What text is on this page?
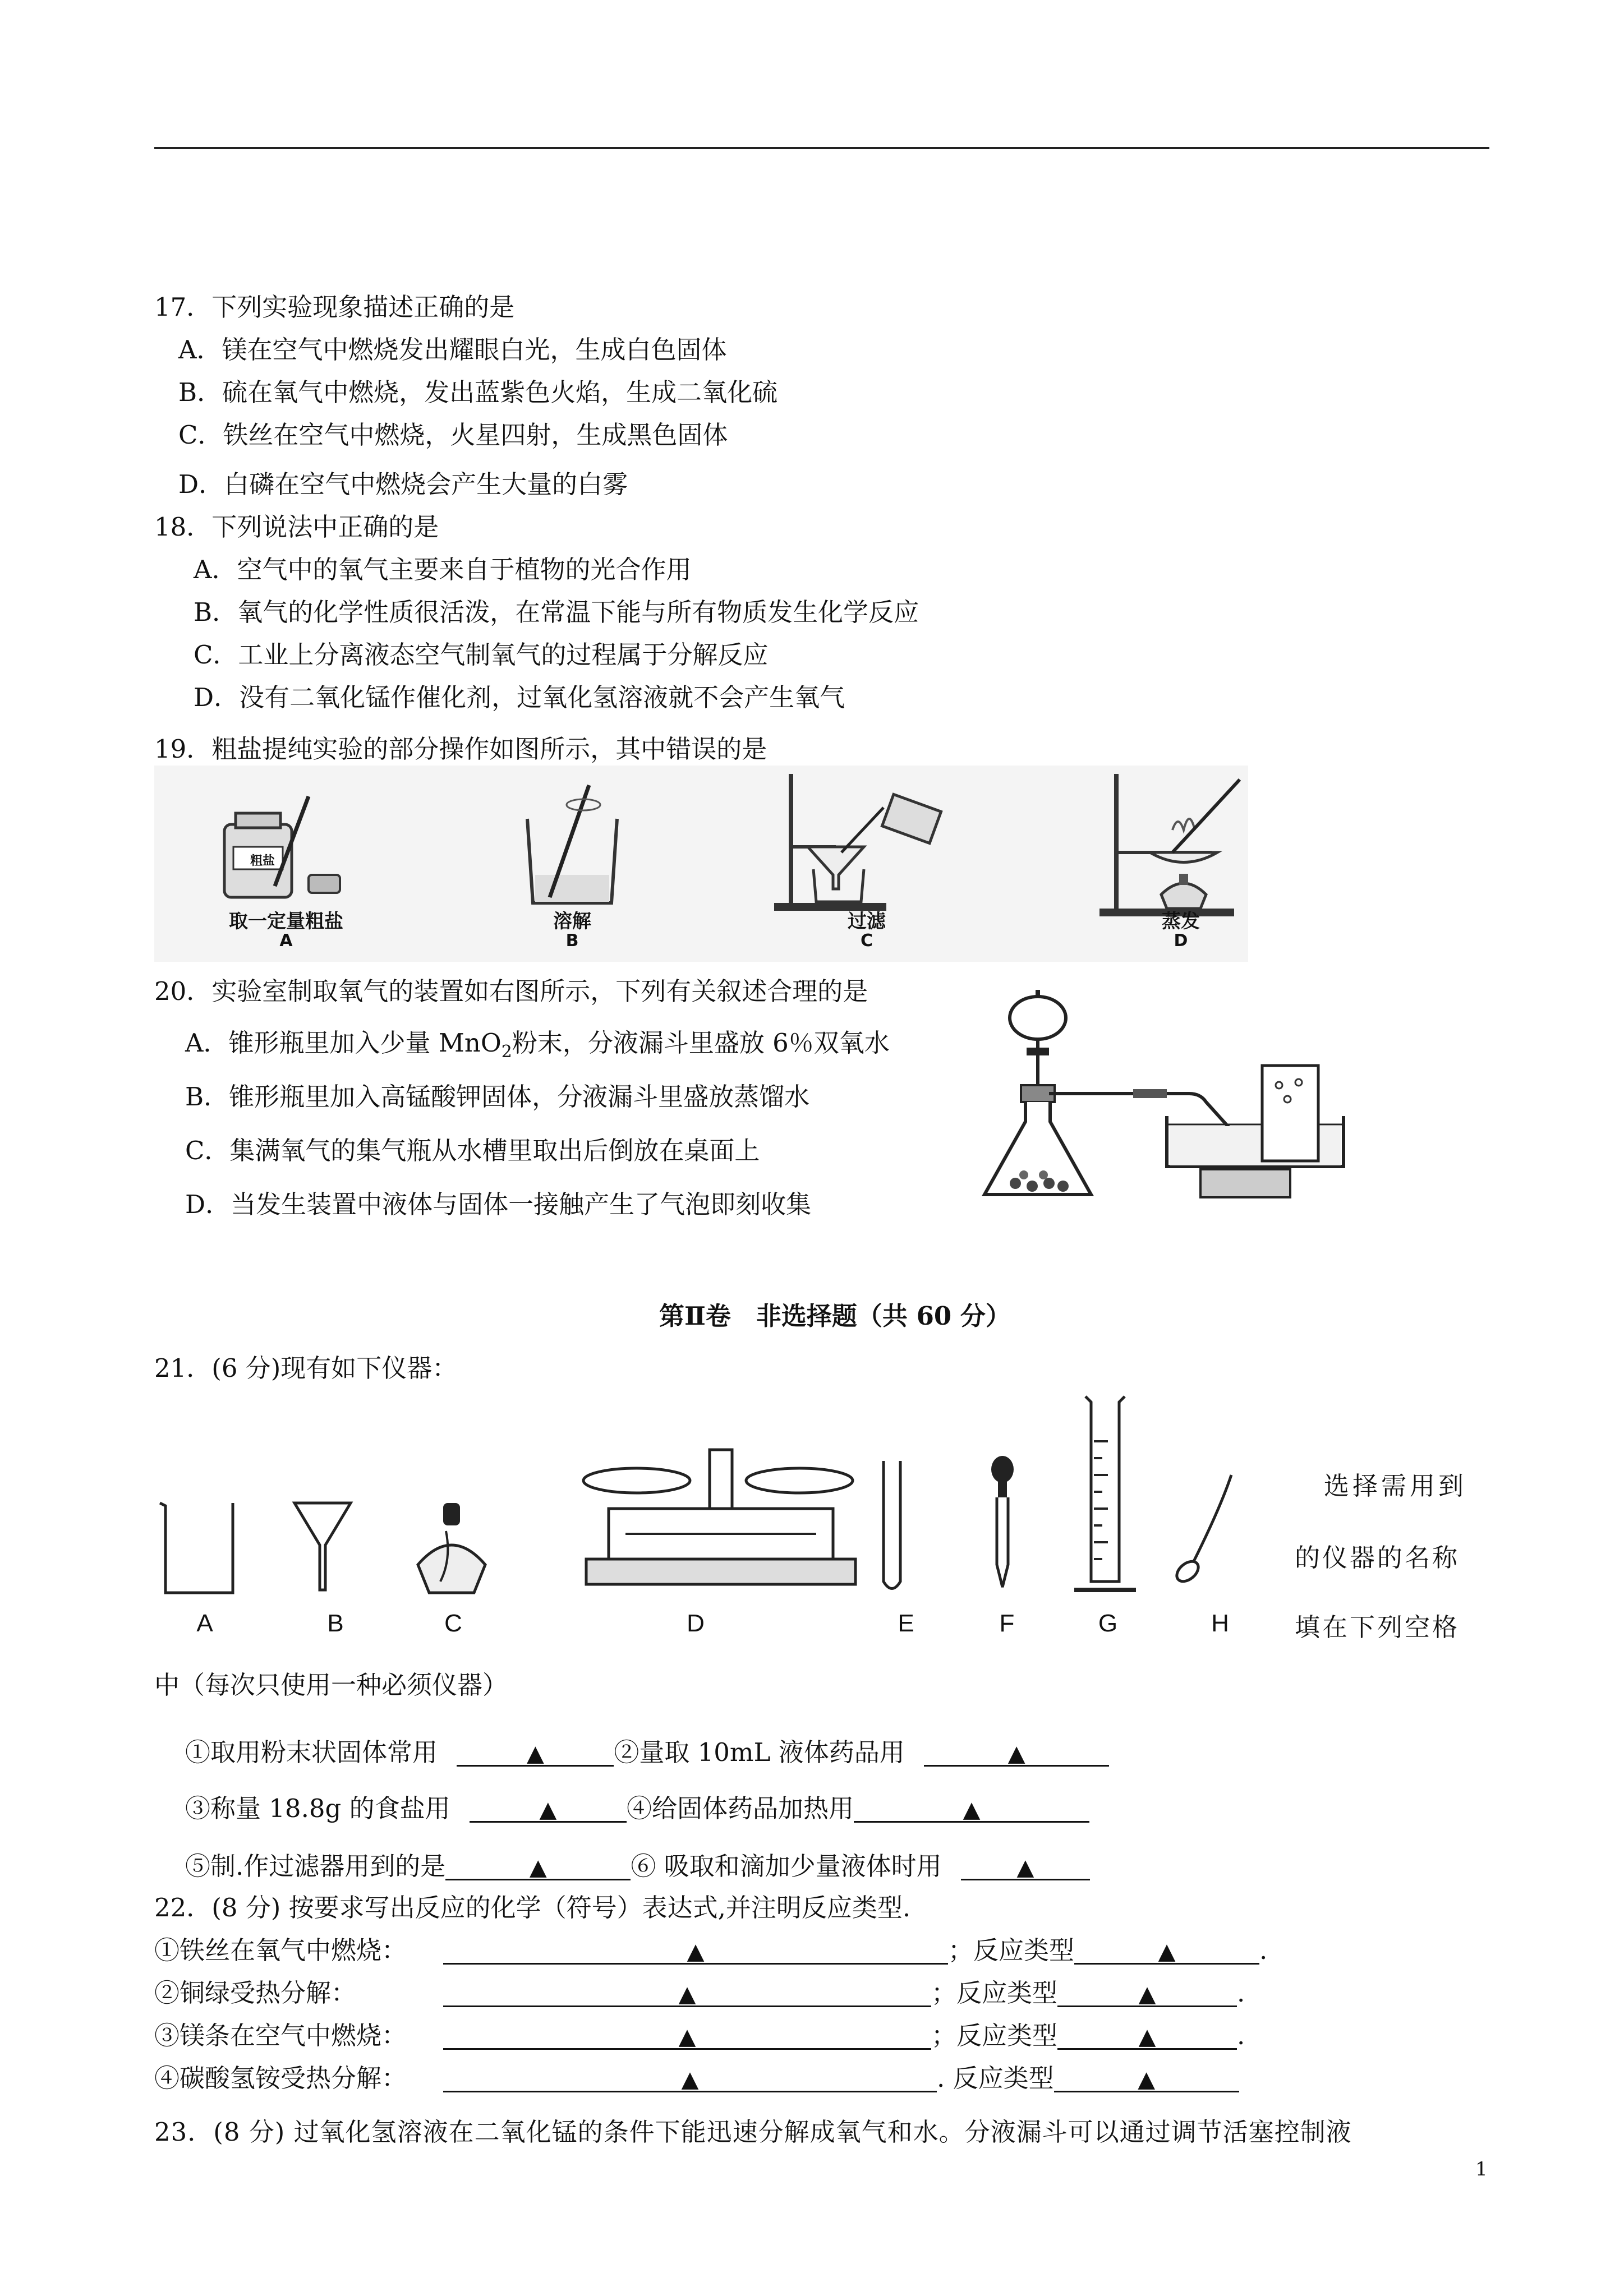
17．下列实验现象描述正确的是
A．镁在空气中燃烧发出耀眼白光，生成白色固体
B．硫在氧气中燃烧，发出蓝紫色火焰，生成二氧化硫
C．铁丝在空气中燃烧，火星四射，生成黑色固体
D．白磷在空气中燃烧会产生大量的白雾
18．下列说法中正确的是
A．空气中的氧气主要来自于植物的光合作用
B．氧气的化学性质很活泼，在常温下能与所有物质发生化学反应
C．工业上分离液态空气制氧气的过程属于分解反应
D．没有二氧化锰作催化剂，过氧化氢溶液就不会产生氧气
19．粗盐提纯实验的部分操作如图所示，其中错误的是
粗盐
取一定量粗盐
A
溶解
B
过滤
C
蒸发
D
20．实验室制取氧气的装置如右图所示，下列有关叙述合理的是
A．锥形瓶里加入少量 MnO$_2$粉末，分液漏斗里盛放 6％双氧水
B．锥形瓶里加入高锰酸钾固体，分液漏斗里盛放蒸馏水
C．集满氧气的集气瓶从水槽里取出后倒放在桌面上
D．当发生装置中液体与固体一接触产生了气泡即刻收集
第Ⅱ卷　非选择题（共 60 分）
21．(6 分)现有如下仪器：
A	B	C	D	E	F	G	H
选择需用到
的仪器的名称
填在下列空格
中（每次只使用一种必须仪器）
①取用粉末状固体常用	▲	②量取 10mL 液体药品用	▲
③称量 18.8g 的食盐用	▲	④给固体药品加热用	▲
⑤制.作过滤器用到的是	▲	⑥ 吸取和滴加少量液体时用	▲
22．(8 分) 按要求写出反应的化学（符号）表达式,并注明反应类型.
①铁丝在氧气中燃烧：	▲	；反应类型	▲	.
②铜绿受热分解：	▲	；反应类型	▲	.
③镁条在空气中燃烧：	▲	；反应类型	▲	.
④碳酸氢铵受热分解：	▲	. 反应类型	▲
23．(8 分) 过氧化氢溶液在二氧化锰的条件下能迅速分解成氧气和水。分液漏斗可以通过调节活塞控制液
1
